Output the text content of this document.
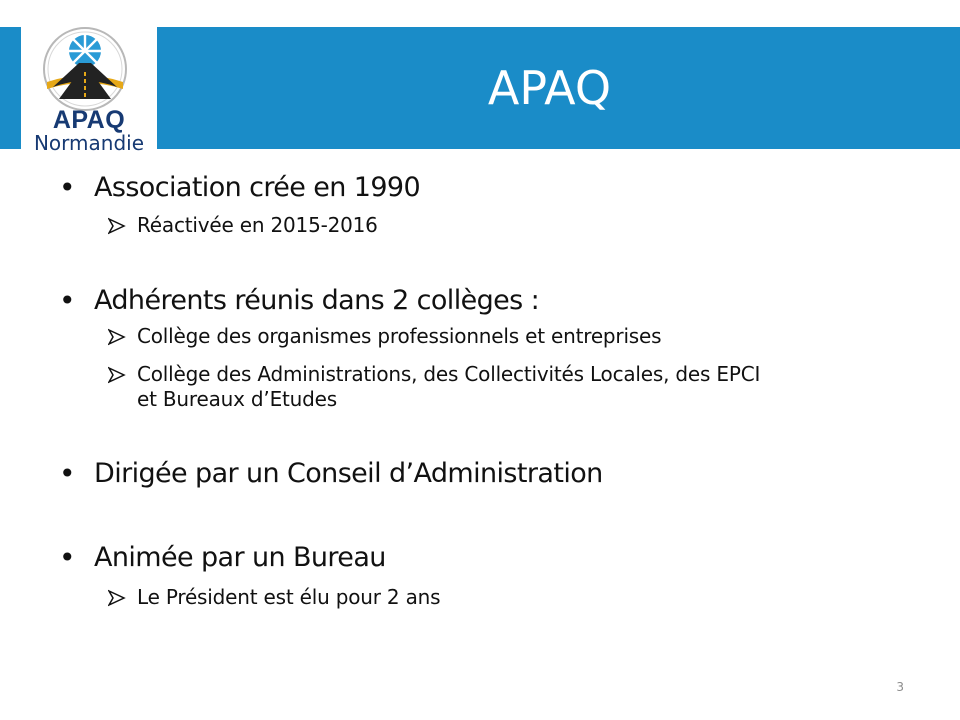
APAQ
APAQ
Normandie
• Association crée en 1990
Réactivée en 2015-2016
• Adhérents réunis dans 2 collèges :
Collège des organismes professionnels et entreprises
Collège des Administrations, des Collectivités Locales, des EPCI
et Bureaux d’Etudes
• Dirigée par un Conseil d’Administration
• Animée par un Bureau
Le Président est élu pour 2 ans
3
